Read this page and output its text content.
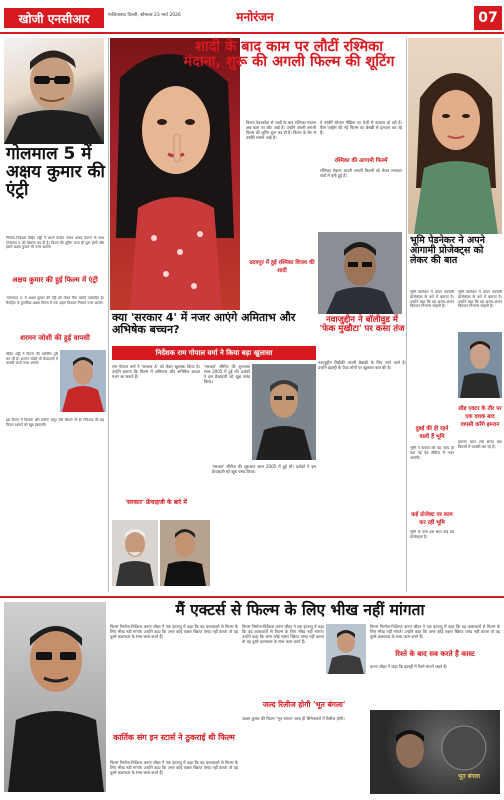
खोजी एनसीआर	गाजियाबाद दिल्ली, सोमवार 23 मार्च 2026	मनोरंजन	07
गोलमाल 5 में अक्षय कुमार की एंट्री
निर्माता-निर्देशक रोहित शेट्टी ने अपने फेवरेट एक्टर अजय देवगन के साथ गोलमाल 5 की घोषणा कर दी है। फिल्म की शूटिंग जल्द ही शुरू होगी और इसमें अक्षय कुमार भी नजर आएंगे।
अक्षय कुमार की हुई फिल्म में एंट्री
'गोलमाल 5' में अक्षय कुमार की एंट्री को लेकर फैंस काफी उत्साहित हैं। रिपोर्ट्स के मुताबिक अक्षय फिल्म में एक अहम किरदार निभाते नजर आएंगे।
शरमन जोशी की हुई वापसी
रोहित शेट्टी ने फिल्म की कास्टिंग पूरी कर ली है। शरमन जोशी भी फ्रेंचाइजी में वापसी करते नजर आएंगे।
इस फिल्म में कियारा और करीना कपूर जैसे सितारे भी हैं। निर्देशक की यह फिल्म दर्शकों को खूब हंसाएगी।
शादी के बाद काम पर लौटीं रश्मिका मंदाना, शुरू की अगली फिल्म की शूटिंग
विजय देवरकोंडा से शादी के बाद रश्मिका मंदाना अब काम पर लौट आई हैं। उन्होंने अपनी अगली फिल्म की शूटिंग शुरू कर दी है। फिल्म के सेट से तस्वीरें सामने आई हैं।
उदयपुर में हुई रश्मिका विजय की शादी
ये तस्वीरें सोशल मीडिया पर तेजी से वायरल हो रही हैं। फैंस एक्ट्रेस की नई फिल्म का बेसब्री से इंतजार कर रहे हैं।
रश्मिका की आगामी फिल्में
रश्मिका मंदाना अपनी अगली फिल्मों को लेकर लगातार चर्चा में बनी हुई हैं।
नवाजुद्दीन ने बॉलीवुड में 'फेक मुखौटा' पर कसा तंज
नवाजुद्दीन सिद्दीकी अपनी बेबाकी के लिए जाने जाते हैं। उन्होंने इंडस्ट्री के फेक लोगों पर खुलकर बात की है।
क्या 'सरकार 4' में नजर आएंगे अमिताभ और अभिषेक बच्चन?
निर्देशक राम गोपाल वर्मा ने किया बड़ा खुलासा
राम गोपाल वर्मा ने 'सरकार 4' को लेकर खुलासा किया है। उन्होंने बताया कि फिल्म में अमिताभ और अभिषेक बच्चन नजर आ सकते हैं।
'सरकार' सीरीज की शुरुआत साल 2005 में हुई थी। दर्शकों ने इस फ्रेंचाइजी को खूब पसंद किया।
'सरकार' फ्रेंचाइजी के बारे में
'सरकार' सीरीज की शुरुआत साल 2005 में हुई थी। दर्शकों ने इस फ्रेंचाइजी को खूब पसंद किया।
भूमि पेडनेकर ने अपने आगामी प्रोजेक्ट्स को लेकर की बात
भूमि पेडनेकर ने अपने आगामी प्रोजेक्ट्स के बारे में बताया है। उन्होंने कहा कि वह अलग-अलग किरदार निभाना चाहती हैं।
भूमि पेडनेकर ने अपने आगामी प्रोजेक्ट्स के बारे में बताया है। उन्होंने कहा कि वह अलग-अलग किरदार निभाना चाहती हैं।
दुबई की ही रहने वाली हैं भूमि
भूमि ने बताया कि वह जल्द ही एक नई वेब सीरीज में नजर आएंगी।
लीड एक्टर के तौर पर एक दशक बाद वापसी करेंगे इमरान
इमरान खान लंबे समय बाद फिल्मों में वापसी कर रहे हैं।
कई प्रोजेक्ट पर काम कर रहीं भूमि
भूमि के पास इस साल कई बड़े प्रोजेक्ट्स हैं।
मैं एक्टर्स से फिल्म के लिए भीख नहीं मांगता
फिल्म निर्माता-निर्देशक करण जौहर ने एक इंटरव्यू में कहा कि वह कलाकारों से फिल्म के लिए भीख नहीं मांगते। उन्होंने कहा कि अगर कोई एक्टर स्क्रिप्ट पसंद नहीं करता तो वह दूसरे कलाकार के साथ काम करते हैं।
कार्तिक संग इन स्टार्स ने ठुकराई थी फिल्म
फिल्म निर्माता-निर्देशक करण जौहर ने एक इंटरव्यू में कहा कि वह कलाकारों से फिल्म के लिए भीख नहीं मांगते। उन्होंने कहा कि अगर कोई एक्टर स्क्रिप्ट पसंद नहीं करता तो वह दूसरे कलाकार के साथ काम करते हैं।
फिल्म निर्माता-निर्देशक करण जौहर ने एक इंटरव्यू में कहा कि वह कलाकारों से फिल्म के लिए भीख नहीं मांगते। उन्होंने कहा कि अगर कोई एक्टर स्क्रिप्ट पसंद नहीं करता तो वह दूसरे कलाकार के साथ काम करते हैं।
जल्द रिलीज होगी 'भूत बंगला'
अक्षय कुमार की फिल्म 'भूत बंगला' जल्द ही सिनेमाघरों में रिलीज होगी।
फिल्म निर्माता-निर्देशक करण जौहर ने एक इंटरव्यू में कहा कि वह कलाकारों से फिल्म के लिए भीख नहीं मांगते। उन्होंने कहा कि अगर कोई एक्टर स्क्रिप्ट पसंद नहीं करता तो वह दूसरे कलाकार के साथ काम करते हैं।
रिश्ते के बाद सब करते हैं कास्ट
करण जौहर ने कहा कि इंडस्ट्री में रिश्ते मायने रखते हैं।
भूत बंगला
